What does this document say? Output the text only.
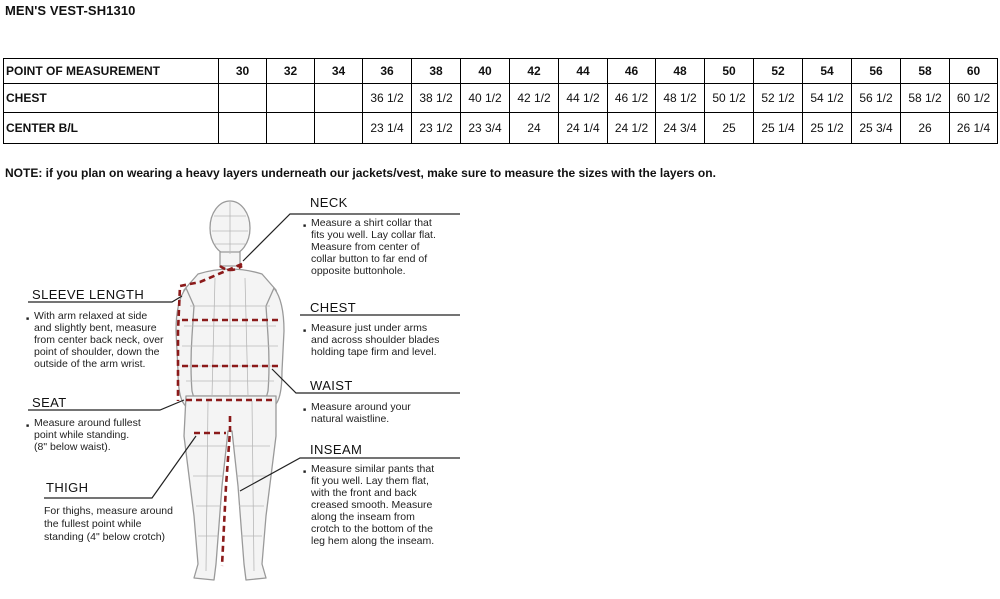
MEN'S VEST-SH1310
POINT OF MEASUREMENT	30	32	34	36	38	40	42	44	46	48	50	52	54	56	58	60
CHEST				36 1/2	38 1/2	40 1/2	42 1/2	44 1/2	46 1/2	48 1/2	50 1/2	52 1/2	54 1/2	56 1/2	58 1/2	60 1/2
CENTER B/L				23 1/4	23 1/2	23 3/4	24	24 1/4	24 1/2	24 3/4	25	25 1/4	25 1/2	25 3/4	26	26 1/4
NOTE: if you plan on wearing a heavy layers underneath our jackets/vest, make sure to measure the sizes with the layers on.
NECK
■ Measure a shirt collar that
fits you well. Lay collar flat.
Measure from center of
collar button to far end of
opposite buttonhole.
CHEST
■ Measure just under arms
and across shoulder blades
holding tape firm and level.
WAIST
■ Measure around your
natural waistline.
INSEAM
■ Measure similar pants that
fit you well. Lay them flat,
with the front and back
creased smooth. Measure
along the inseam from
crotch to the bottom of the
leg hem along the inseam.
SLEEVE LENGTH
■ With arm relaxed at side
and slightly bent, measure
from center back neck, over
point of shoulder, down the
outside of the arm wrist.
SEAT
■ Measure around fullest
point while standing.
(8" below waist).
THIGH
For thighs, measure around
the fullest point while
standing (4" below crotch)
